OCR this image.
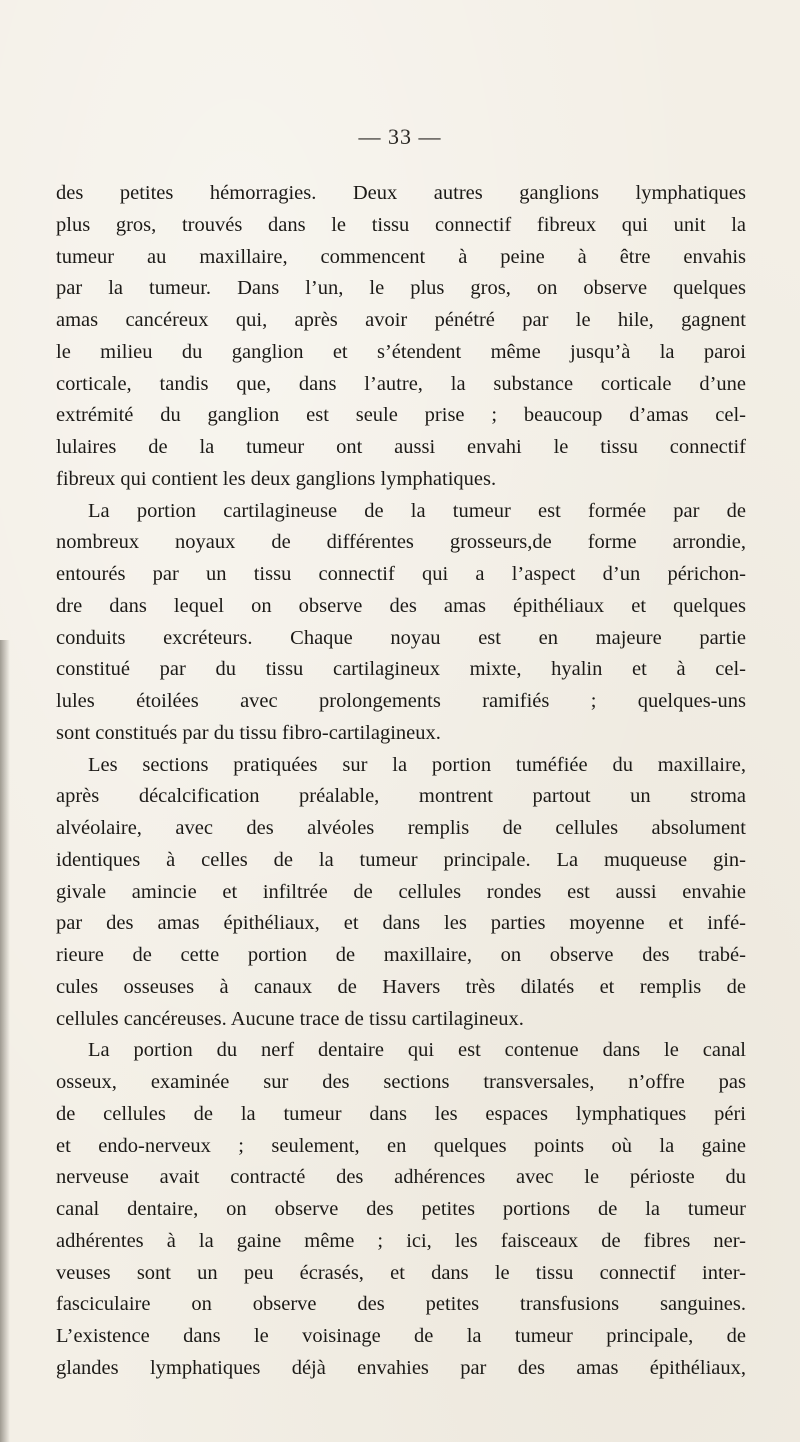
— 33 —
des petites hémorragies. Deux autres ganglions lymphatiques
plus gros, trouvés dans le tissu connectif fibreux qui unit la
tumeur au maxillaire, commencent à peine à être envahis
par la tumeur. Dans l’un, le plus gros, on observe quelques
amas cancéreux qui, après avoir pénétré par le hile, gagnent
le milieu du ganglion et s’étendent même jusqu’à la paroi
corticale, tandis que, dans l’autre, la substance corticale d’une
extrémité du ganglion est seule prise ; beaucoup d’amas cel-
lulaires de la tumeur ont aussi envahi le tissu connectif
fibreux qui contient les deux ganglions lymphatiques.
La portion cartilagineuse de la tumeur est formée par de
nombreux noyaux de différentes grosseurs,de forme arrondie,
entourés par un tissu connectif qui a l’aspect d’un périchon-
dre dans lequel on observe des amas épithéliaux et quelques
conduits excréteurs. Chaque noyau est en majeure partie
constitué par du tissu cartilagineux mixte, hyalin et à cel-
lules étoilées avec prolongements ramifiés ; quelques-uns
sont constitués par du tissu fibro-cartilagineux.
Les sections pratiquées sur la portion tuméfiée du maxillaire,
après décalcification préalable, montrent partout un stroma
alvéolaire, avec des alvéoles remplis de cellules absolument
identiques à celles de la tumeur principale. La muqueuse gin-
givale amincie et infiltrée de cellules rondes est aussi envahie
par des amas épithéliaux, et dans les parties moyenne et infé-
rieure de cette portion de maxillaire, on observe des trabé-
cules osseuses à canaux de Havers très dilatés et remplis de
cellules cancéreuses. Aucune trace de tissu cartilagineux.
La portion du nerf dentaire qui est contenue dans le canal
osseux, examinée sur des sections transversales, n’offre pas
de cellules de la tumeur dans les espaces lymphatiques péri
et endo-nerveux ; seulement, en quelques points où la gaine
nerveuse avait contracté des adhérences avec le périoste du
canal dentaire, on observe des petites portions de la tumeur
adhérentes à la gaine même ; ici, les faisceaux de fibres ner-
veuses sont un peu écrasés, et dans le tissu connectif inter-
fasciculaire on observe des petites transfusions sanguines.
L’existence dans le voisinage de la tumeur principale, de
glandes lymphatiques déjà envahies par des amas épithéliaux,
